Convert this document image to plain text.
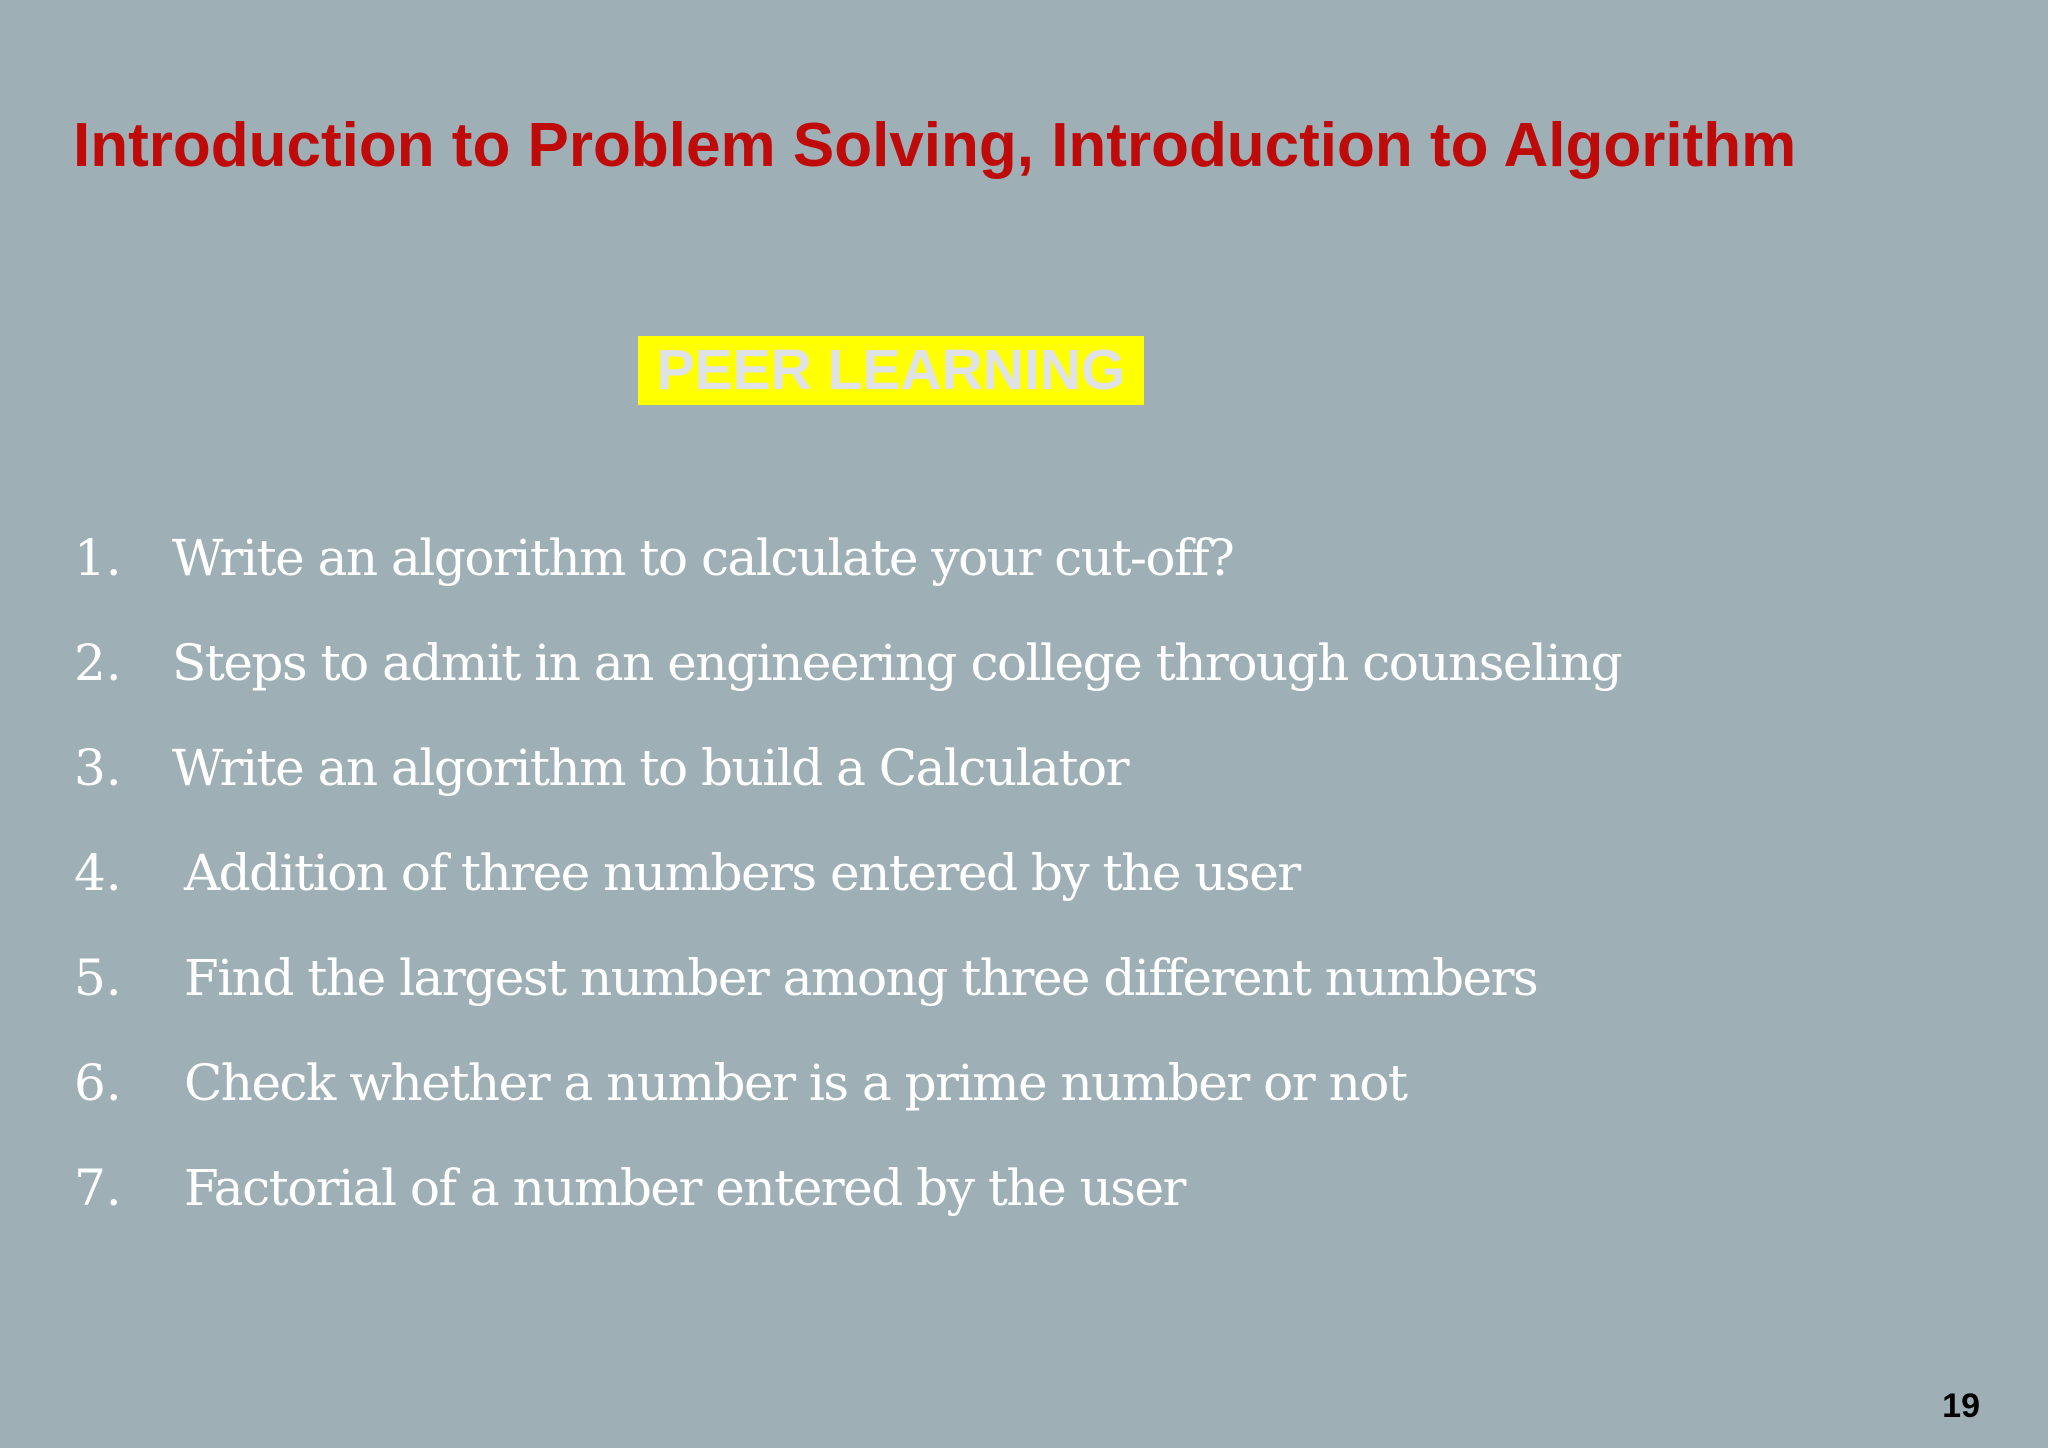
Introduction to Problem Solving, Introduction to Algorithm
PEER LEARNING
1. Write an algorithm to calculate your cut-off?
2. Steps to admit in an engineering college through counseling
3. Write an algorithm to build a Calculator
4. Addition of three numbers entered by the user
5. Find the largest number among three different numbers
6. Check whether a number is a prime number or not
7. Factorial of a number entered by the user
19
